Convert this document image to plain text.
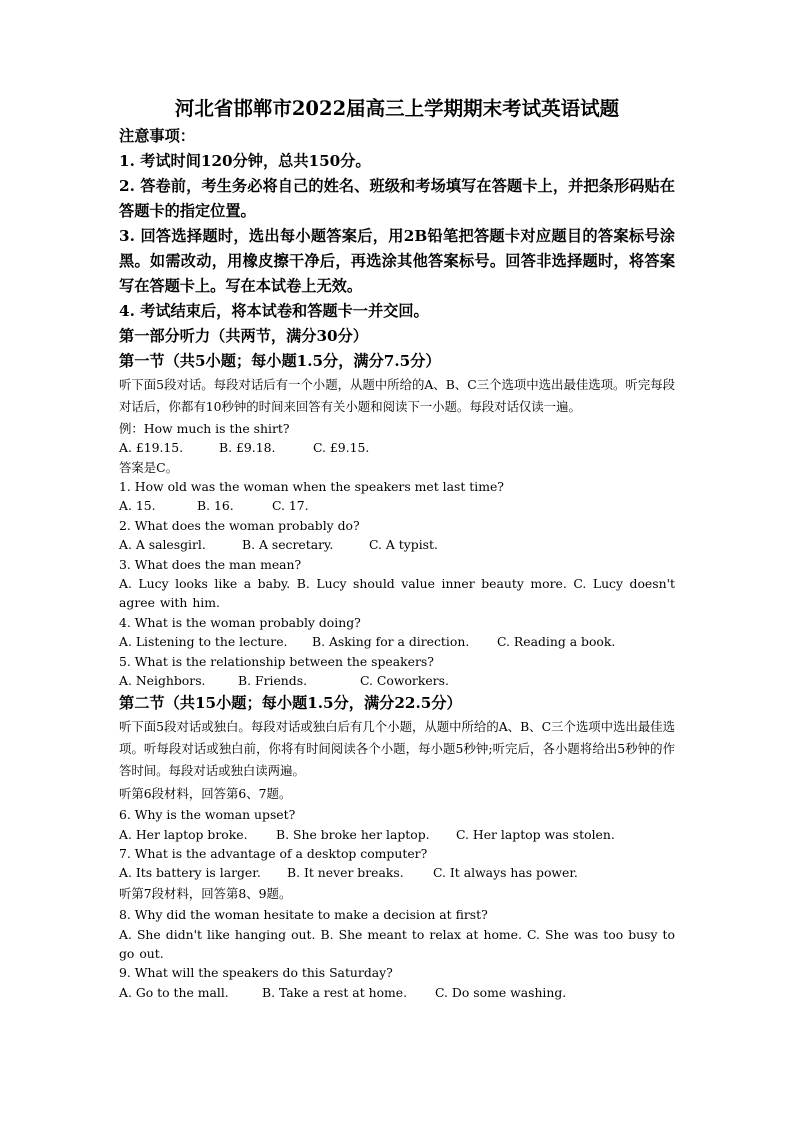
河北省邯郸市2022届高三上学期期末考试英语试题

注意事项：

1. 考试时间120分钟，总共150分。

2. 答卷前，考生务必将自己的姓名、班级和考场填写在答题卡上，并把条形码贴在答题卡的指定位置。

3. 回答选择题时，选出每小题答案后，用2B铅笔把答题卡对应题目的答案标号涂黑。如需改动，用橡皮擦干净后，再选涂其他答案标号。回答非选择题时，将答案写在答题卡上。写在本试卷上无效。

4. 考试结束后，将本试卷和答题卡一并交回。

第一部分听力（共两节，满分30分）

第一节（共5小题；每小题1.5分，满分7.5分）

听下面5段对话。每段对话后有一个小题，从题中所给的A、B、C三个选项中选出最佳选项。听完每段对话后，你都有10秒钟的时间来回答有关小题和阅读下一小题。每段对话仅读一遍。

例：How much is the shirt?

A. £19.15.	B. £9.18.	C. £9.15.

答案是C。

1. How old was the woman when the speakers met last time?

A. 15.	B. 16.	C. 17.

2. What does the woman probably do?

A. A salesgirl.	B. A secretary.	C. A typist.

3. What does the man mean?

A. Lucy looks like a baby. B. Lucy should value inner beauty more. C. Lucy doesn't agree with him.

4. What is the woman probably doing?

A. Listening to the lecture.	B. Asking for a direction.	C. Reading a book.

5. What is the relationship between the speakers?

A. Neighbors.	B. Friends.	C. Coworkers.

第二节（共15小题；每小题1.5分，满分22.5分）

听下面5段对话或独白。每段对话或独白后有几个小题，从题中所给的A、B、C三个选项中选出最佳选项。听每段对话或独白前，你将有时间阅读各个小题，每小题5秒钟;听完后，各小题将给出5秒钟的作答时间。每段对话或独白读两遍。

听第6段材料，回答第6、7题。

6. Why is the woman upset?

A. Her laptop broke.	B. She broke her laptop.	C. Her laptop was stolen.

7. What is the advantage of a desktop computer?

A. Its battery is larger.	B. It never breaks.	C. It always has power.

听第7段材料，回答第8、9题。

8. Why did the woman hesitate to make a decision at first?

A. She didn't like hanging out. B. She meant to relax at home. C. She was too busy to go out.

9. What will the speakers do this Saturday?

A. Go to the mall.	B. Take a rest at home.	C. Do some washing.
